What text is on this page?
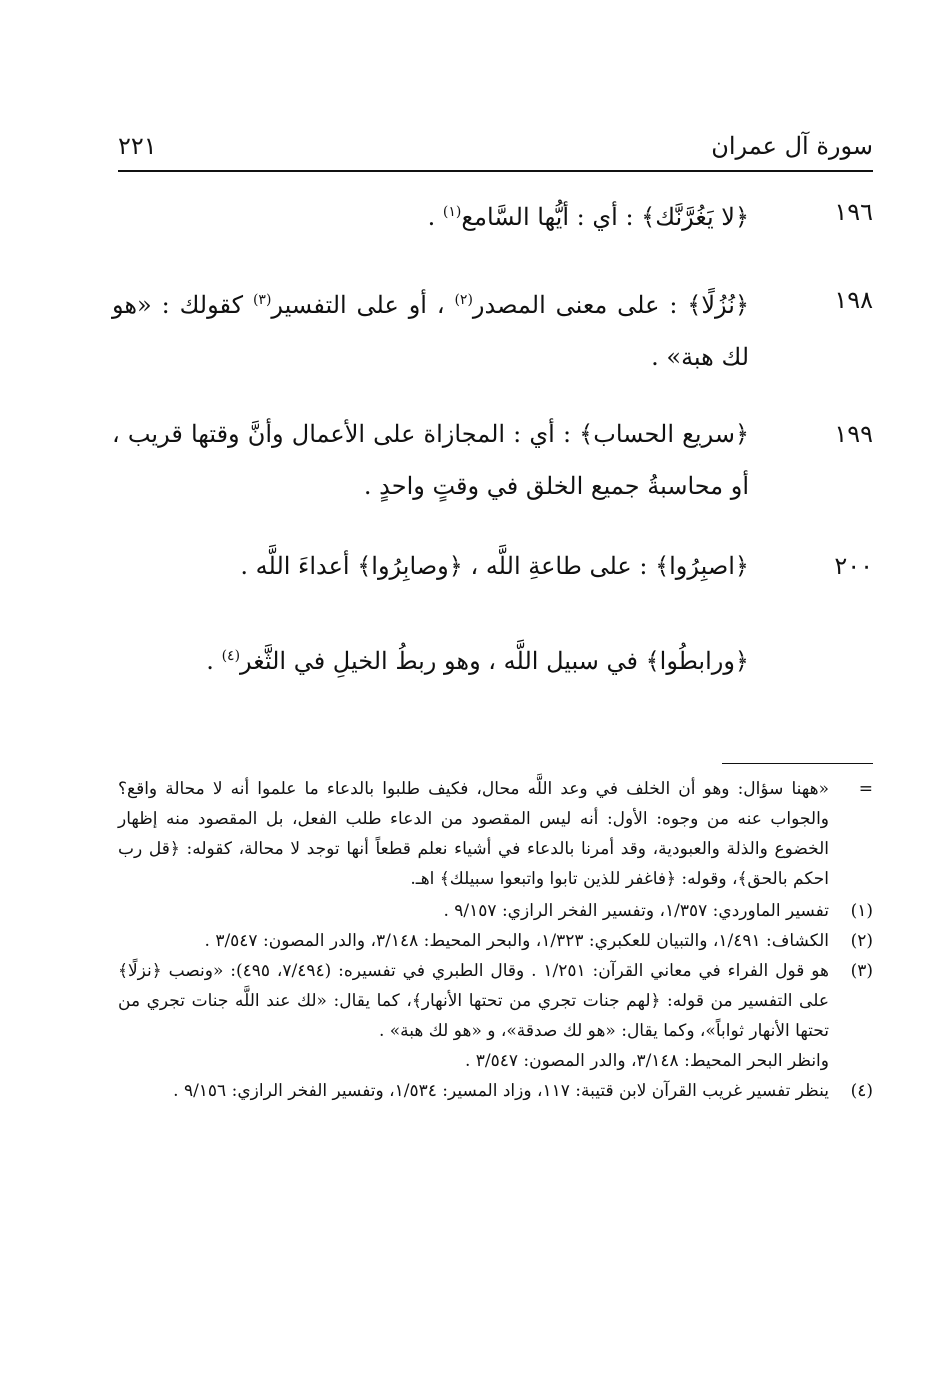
سورة آل عمران
٢٢١
١٩٦
﴿لا يَغُرَّنَّك﴾ : أي : أيُّها السَّامع$^{(١)}$ .
١٩٨
﴿نُزُلًا﴾ : على معنى المصدر$^{(٢)}$ ، أو على التفسير$^{(٣)}$ كقولك : «هو لك هبة» .
١٩٩
﴿سريع الحساب﴾ : أي : المجازاة على الأعمال وأنَّ وقتها قريب ، أو محاسبةُ جميع الخلق في وقتٍ واحدٍ .
٢٠٠
﴿اصبِرُوا﴾ : على طاعةِ اللَّه ، ﴿وصابِرُوا﴾ أعداءَ اللَّه .
﴿ورابطُوا﴾ في سبيل اللَّه ، وهو ربطُ الخيلِ في الثَّغر$^{(٤)}$ .
=
«ههنا سؤال: وهو أن الخلف في وعد اللَّه محال، فكيف طلبوا بالدعاء ما علموا أنه لا محالة واقع؟ والجواب عنه من وجوه: الأول: أنه ليس المقصود من الدعاء طلب الفعل، بل المقصود منه إظهار الخضوع والذلة والعبودية، وقد أمرنا بالدعاء في أشياء نعلم قطعاً أنها توجد لا محالة، كقوله: ﴿قل رب احكم بالحق﴾، وقوله: ﴿فاغفر للذين تابوا واتبعوا سبيلك﴾ اهـ.
(١)
تفسير الماوردي: ١/٣٥٧، وتفسير الفخر الرازي: ٩/١٥٧ .
(٢)
الكشاف: ١/٤٩١، والتبيان للعكبري: ١/٣٢٣، والبحر المحيط: ٣/١٤٨، والدر المصون: ٣/٥٤٧ .
(٣)
هو قول الفراء في معاني القرآن: ١/٢٥١ . وقال الطبري في تفسيره: (٧/٤٩٤، ٤٩٥): «ونصب ﴿نزلًا﴾ على التفسير من قوله: ﴿لهم جنات تجري من تحتها الأنهار﴾، كما يقال: «لك عند اللَّه جنات تجري من تحتها الأنهار ثواباً»، وكما يقال: «هو لك صدقة»، و «هو لك هبة» .
وانظر البحر المحيط: ٣/١٤٨، والدر المصون: ٣/٥٤٧ .
(٤)
ينظر تفسير غريب القرآن لابن قتيبة: ١١٧، وزاد المسير: ١/٥٣٤، وتفسير الفخر الرازي: ٩/١٥٦ .
